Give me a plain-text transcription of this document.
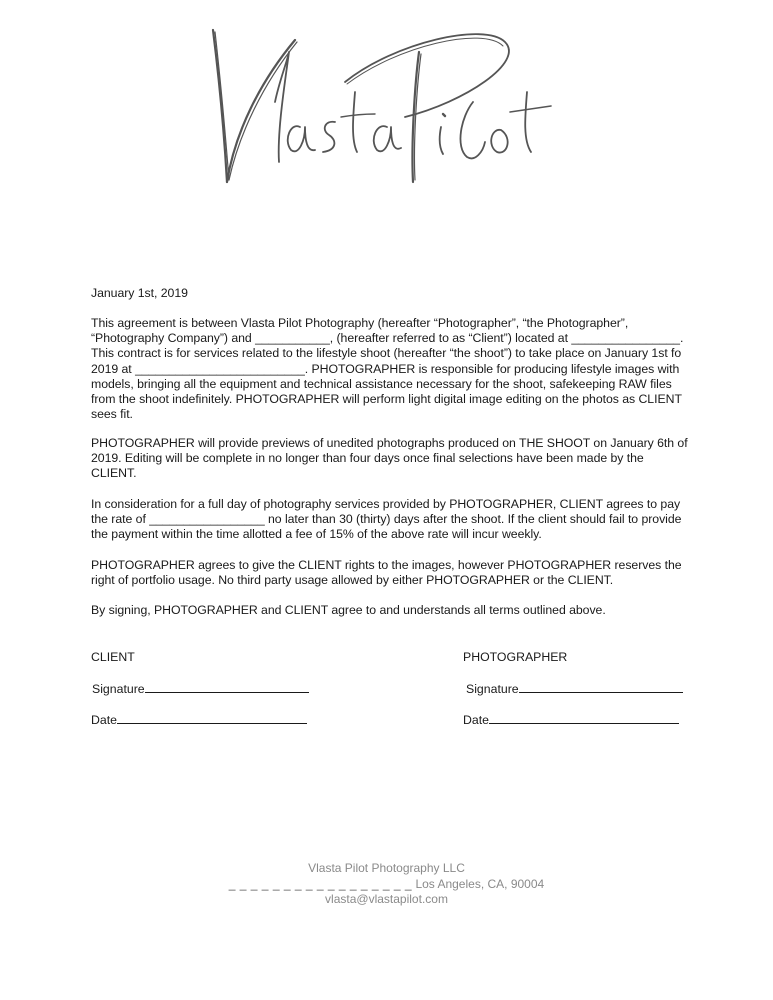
January 1st, 2019

This agreement is between Vlasta Pilot Photography (hereafter “Photographer”, “the Photographer”, “Photography Company”) and ___________, (hereafter referred to as “Client”) located at ________________. This contract is for services related to the lifestyle shoot (hereafter “the shoot”) to take place on January 1st fo 2019 at _________________________. PHOTOGRAPHER is responsible for producing lifestyle images with models, bringing all the equipment and technical assistance necessary for the shoot, safekeeping RAW files from the shoot indefinitely. PHOTOGRAPHER will perform light digital image editing on the photos as CLIENT sees fit.

PHOTOGRAPHER will provide previews of unedited photographs produced on THE SHOOT on January 6th of 2019. Editing will be complete in no longer than four days once final selections have been made by the CLIENT.

In consideration for a full day of photography services provided by PHOTOGRAPHER, CLIENT agrees to pay the rate of _________________ no later than 30 (thirty) days after the shoot. If the client should fail to provide the payment within the time allotted a fee of 15% of the above rate will incur weekly.

PHOTOGRAPHER agrees to give the CLIENT rights to the images, however PHOTOGRAPHER reserves the right of portfolio usage. No third party usage allowed by either PHOTOGRAPHER or the CLIENT.
By signing, PHOTOGRAPHER and CLIENT agree to and understands all terms outlined above.
CLIENT
Signature
Date
PHOTOGRAPHER
Signature
Date
Vlasta Pilot Photography LLC
_ _ _ _ _ _ _ _ _ _ _ _ _ _ _ _ _ Los Angeles, CA, 90004
vlasta@vlastapilot.com
